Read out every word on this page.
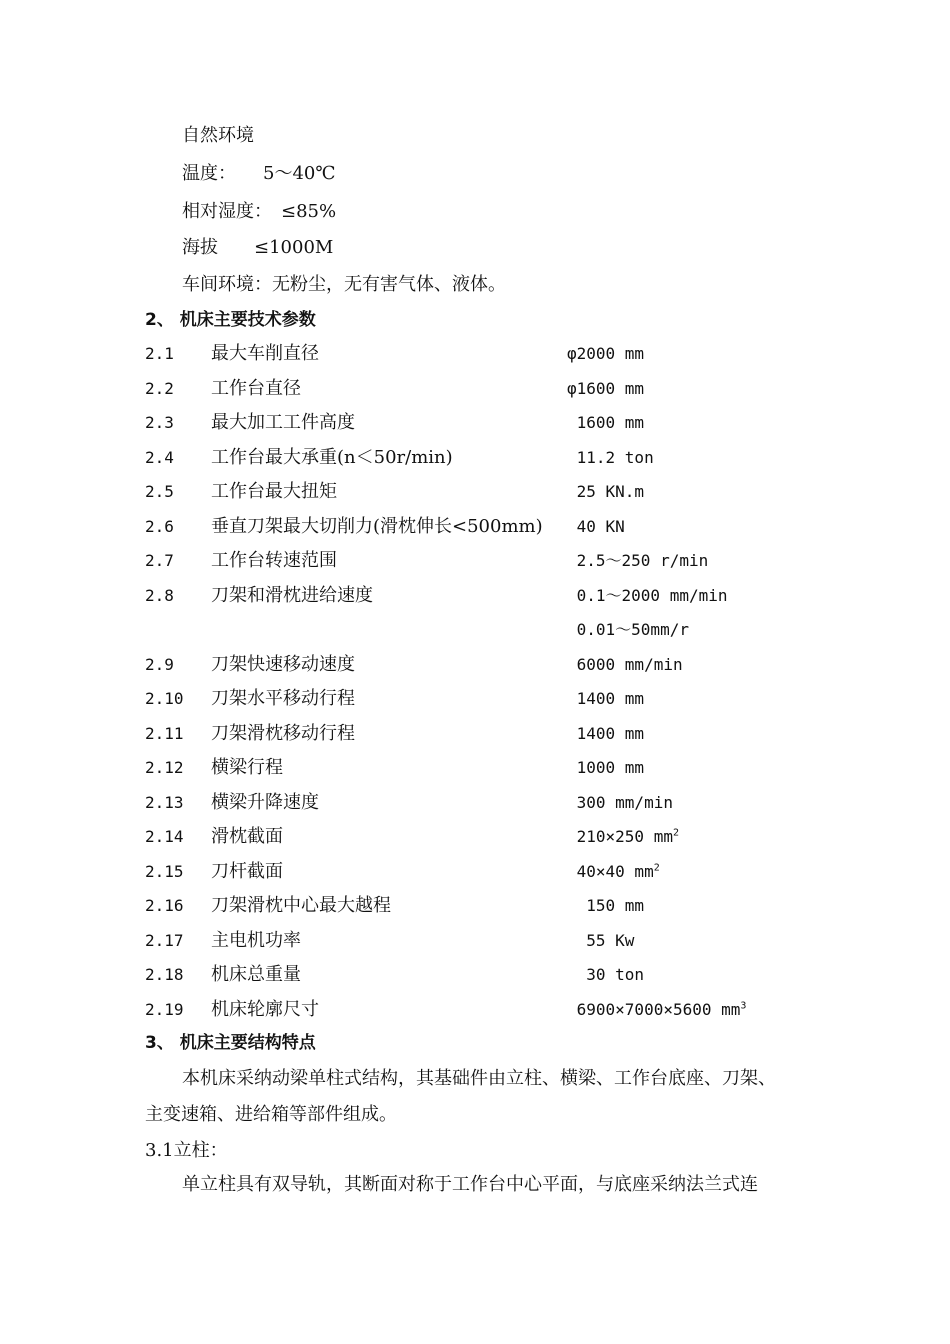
自然环境
温度：　　5～40℃
相对湿度：　≤85%
海拔　　≤1000M
车间环境：无粉尘，无有害气体、液体。
2、 机床主要技术参数
2.1 最大车削直径	φ2000 mm
2.2 工作台直径	φ1600 mm
2.3 最大加工工件高度	1600 mm
2.4 工作台最大承重(n＜50r/min)	11.2 ton
2.5 工作台最大扭矩	25 KN.m
2.6 垂直刀架最大切削力(滑枕伸长<500mm) 40 KN
2.7 工作台转速范围	2.5～250 r/min
2.8 刀架和滑枕进给速度	0.1～2000 mm/min
0.01～50mm/r
2.9 刀架快速移动速度	6000 mm/min
2.10 刀架水平移动行程	1400 mm
2.11 刀架滑枕移动行程	1400 mm
2.12 横梁行程	1000 mm
2.13 横梁升降速度	300 mm/min
2.14 滑枕截面	210×250 $mm^2$
2.15 刀杆截面	40×40 $mm^2$
2.16 刀架滑枕中心最大越程	150 mm
2.17 主电机功率	55 Kw
2.18 机床总重量	30 ton
2.19 机床轮廓尺寸	6900×7000×5600 $mm^3$
3、 机床主要结构特点
本机床采纳动梁单柱式结构，其基础件由立柱、横梁、工作台底座、刀架、
主变速箱、进给箱等部件组成。
3.1立柱：
单立柱具有双导轨，其断面对称于工作台中心平面，与底座采纳法兰式连
